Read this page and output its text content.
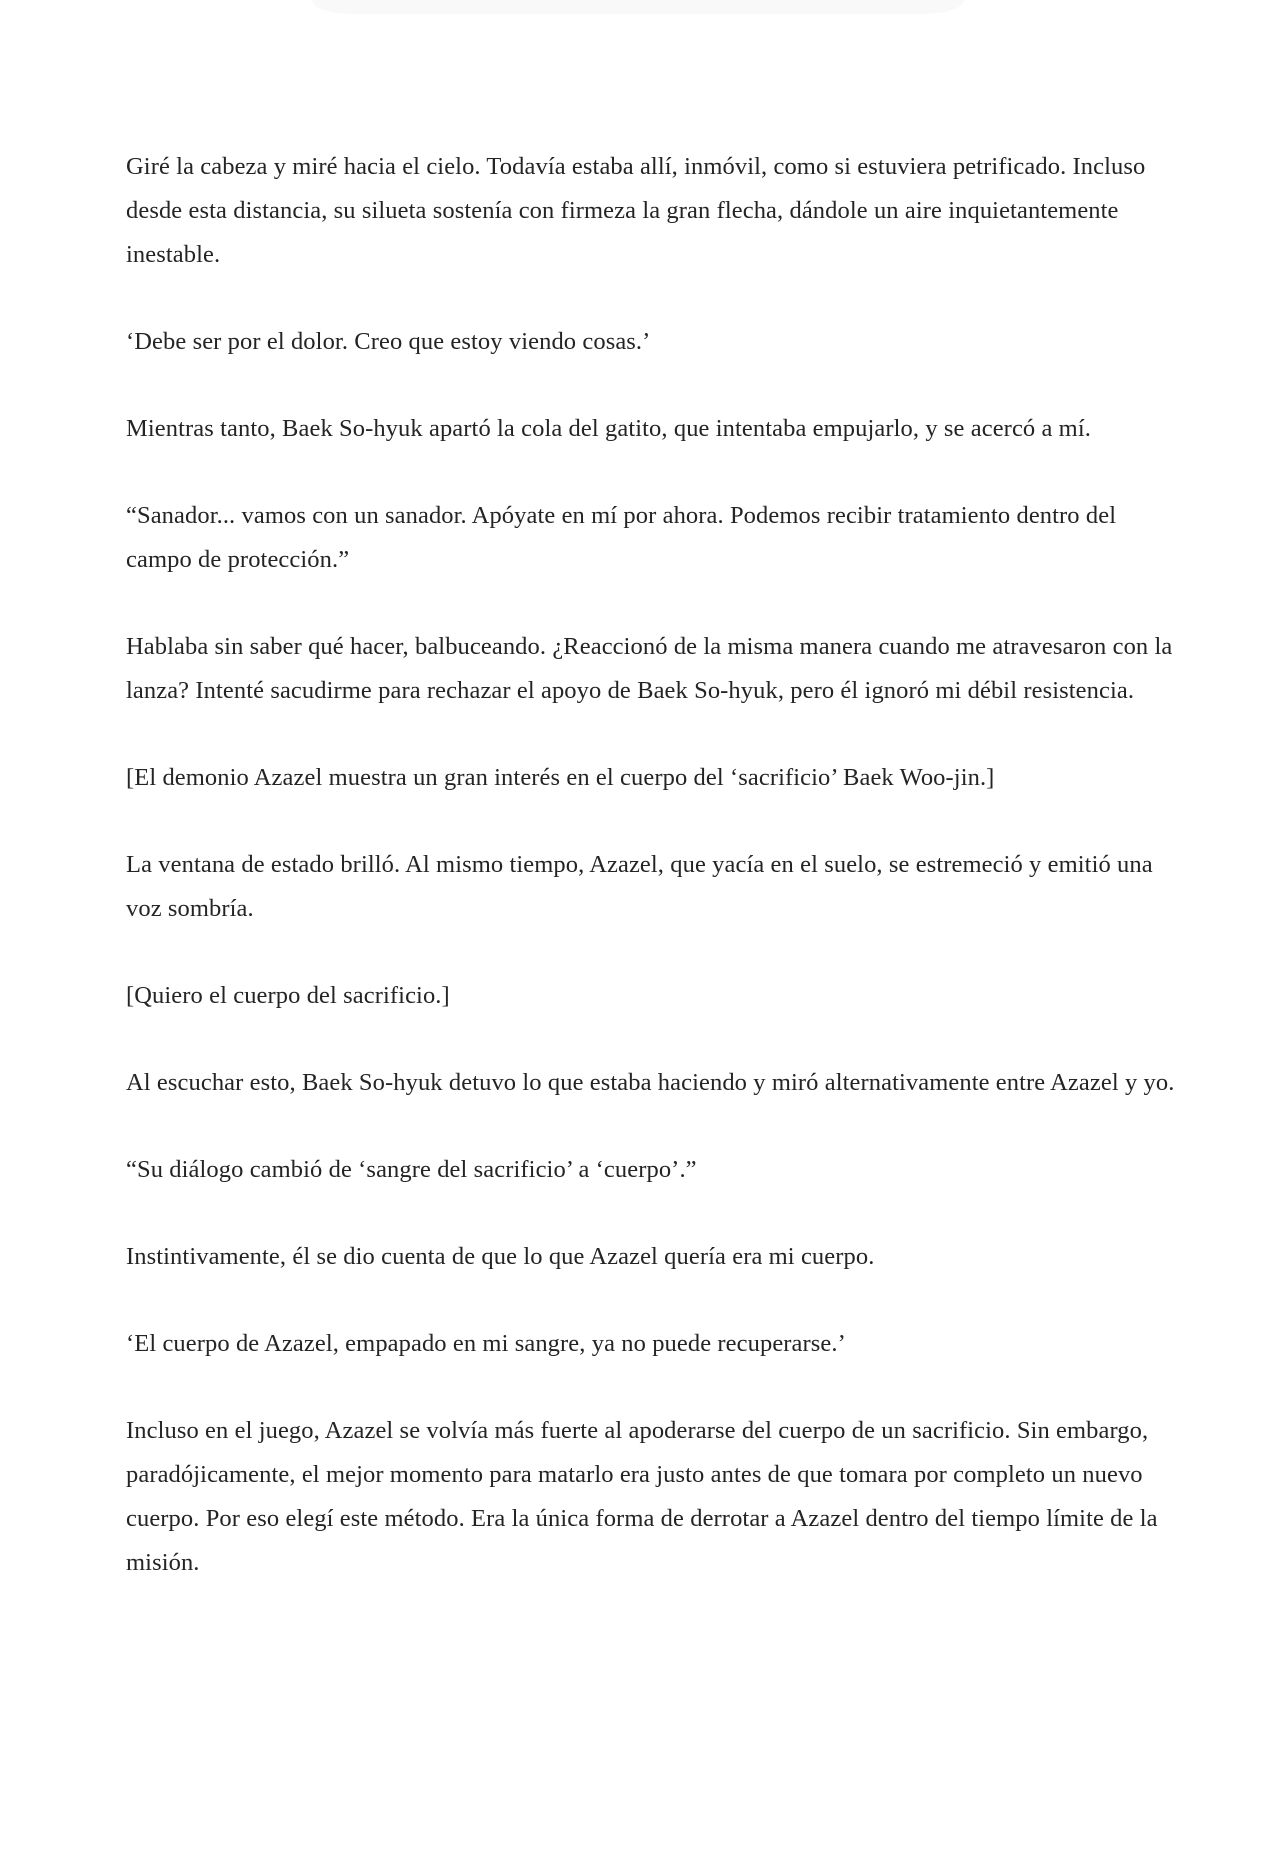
Giré la cabeza y miré hacia el cielo. Todavía estaba allí, inmóvil, como si estuviera petrificado. Incluso desde esta distancia, su silueta sostenía con firmeza la gran flecha, dándole un aire inquietantemente inestable.

‘Debe ser por el dolor. Creo que estoy viendo cosas.’

Mientras tanto, Baek So-hyuk apartó la cola del gatito, que intentaba empujarlo, y se acercó a mí.

“Sanador... vamos con un sanador. Apóyate en mí por ahora. Podemos recibir tratamiento dentro del campo de protección.”

Hablaba sin saber qué hacer, balbuceando. ¿Reaccionó de la misma manera cuando me atravesaron con la lanza? Intenté sacudirme para rechazar el apoyo de Baek So-hyuk, pero él ignoró mi débil resistencia.

[El demonio Azazel muestra un gran interés en el cuerpo del ‘sacrificio’ Baek Woo-jin.]

La ventana de estado brilló. Al mismo tiempo, Azazel, que yacía en el suelo, se estremeció y emitió una voz sombría.

[Quiero el cuerpo del sacrificio.]

Al escuchar esto, Baek So-hyuk detuvo lo que estaba haciendo y miró alternativamente entre Azazel y yo.

“Su diálogo cambió de ‘sangre del sacrificio’ a ‘cuerpo’.”

Instintivamente, él se dio cuenta de que lo que Azazel quería era mi cuerpo.

‘El cuerpo de Azazel, empapado en mi sangre, ya no puede recuperarse.’

Incluso en el juego, Azazel se volvía más fuerte al apoderarse del cuerpo de un sacrificio. Sin embargo, paradójicamente, el mejor momento para matarlo era justo antes de que tomara por completo un nuevo cuerpo. Por eso elegí este método. Era la única forma de derrotar a Azazel dentro del tiempo límite de la misión.
